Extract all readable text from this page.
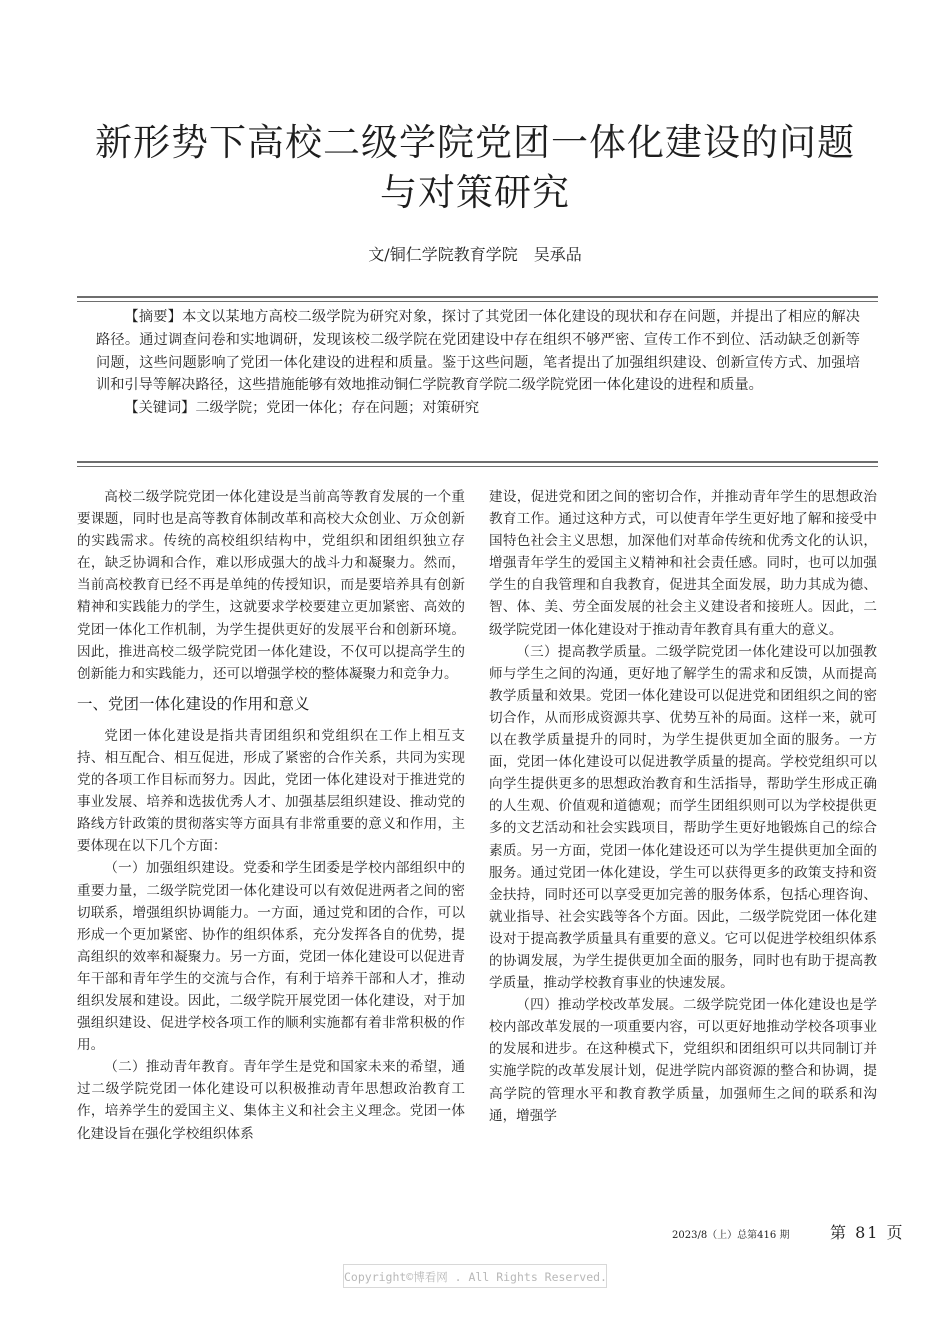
新形势下高校二级学院党团一体化建设的问题
与对策研究
文/铜仁学院教育学院　吴承品

【摘要】本文以某地方高校二级学院为研究对象，探讨了其党团一体化建设的现状和存在问题，并提出了相应的解决路径。通过调查问卷和实地调研，发现该校二级学院在党团建设中存在组织不够严密、宣传工作不到位、活动缺乏创新等问题，这些问题影响了党团一体化建设的进程和质量。鉴于这些问题，笔者提出了加强组织建设、创新宣传方式、加强培训和引导等解决路径，这些措施能够有效地推动铜仁学院教育学院二级学院党团一体化建设的进程和质量。

【关键词】二级学院；党团一体化；存在问题；对策研究

高校二级学院党团一体化建设是当前高等教育发展的一个重要课题，同时也是高等教育体制改革和高校大众创业、万众创新的实践需求。传统的高校组织结构中，党组织和团组织独立存在，缺乏协调和合作，难以形成强大的战斗力和凝聚力。然而，当前高校教育已经不再是单纯的传授知识，而是要培养具有创新精神和实践能力的学生，这就要求学校要建立更加紧密、高效的党团一体化工作机制，为学生提供更好的发展平台和创新环境。因此，推进高校二级学院党团一体化建设，不仅可以提高学生的创新能力和实践能力，还可以增强学校的整体凝聚力和竞争力。

一、党团一体化建设的作用和意义

党团一体化建设是指共青团组织和党组织在工作上相互支持、相互配合、相互促进，形成了紧密的合作关系，共同为实现党的各项工作目标而努力。因此，党团一体化建设对于推进党的事业发展、培养和选拔优秀人才、加强基层组织建设、推动党的路线方针政策的贯彻落实等方面具有非常重要的意义和作用，主要体现在以下几个方面：

（一）加强组织建设。党委和学生团委是学校内部组织中的重要力量，二级学院党团一体化建设可以有效促进两者之间的密切联系，增强组织协调能力。一方面，通过党和团的合作，可以形成一个更加紧密、协作的组织体系，充分发挥各自的优势，提高组织的效率和凝聚力。另一方面，党团一体化建设可以促进青年干部和青年学生的交流与合作，有利于培养干部和人才，推动组织发展和建设。因此，二级学院开展党团一体化建设，对于加强组织建设、促进学校各项工作的顺利实施都有着非常积极的作用。

（二）推动青年教育。青年学生是党和国家未来的希望，通过二级学院党团一体化建设可以积极推动青年思想政治教育工作，培养学生的爱国主义、集体主义和社会主义理念。党团一体化建设旨在强化学校组织体系

建设，促进党和团之间的密切合作，并推动青年学生的思想政治教育工作。通过这种方式，可以使青年学生更好地了解和接受中国特色社会主义思想，加深他们对革命传统和优秀文化的认识，增强青年学生的爱国主义精神和社会责任感。同时，也可以加强学生的自我管理和自我教育，促进其全面发展，助力其成为德、智、体、美、劳全面发展的社会主义建设者和接班人。因此，二级学院党团一体化建设对于推动青年教育具有重大的意义。

（三）提高教学质量。二级学院党团一体化建设可以加强教师与学生之间的沟通，更好地了解学生的需求和反馈，从而提高教学质量和效果。党团一体化建设可以促进党和团组织之间的密切合作，从而形成资源共享、优势互补的局面。这样一来，就可以在教学质量提升的同时，为学生提供更加全面的服务。一方面，党团一体化建设可以促进教学质量的提高。学校党组织可以向学生提供更多的思想政治教育和生活指导，帮助学生形成正确的人生观、价值观和道德观；而学生团组织则可以为学校提供更多的文艺活动和社会实践项目，帮助学生更好地锻炼自己的综合素质。另一方面，党团一体化建设还可以为学生提供更加全面的服务。通过党团一体化建设，学生可以获得更多的政策支持和资金扶持，同时还可以享受更加完善的服务体系，包括心理咨询、就业指导、社会实践等各个方面。因此，二级学院党团一体化建设对于提高教学质量具有重要的意义。它可以促进学校组织体系的协调发展，为学生提供更加全面的服务，同时也有助于提高教学质量，推动学校教育事业的快速发展。

（四）推动学校改革发展。二级学院党团一体化建设也是学校内部改革发展的一项重要内容，可以更好地推动学校各项事业的发展和进步。在这种模式下，党组织和团组织可以共同制订并实施学院的改革发展计划，促进学院内部资源的整合和协调，提高学院的管理水平和教育教学质量，加强师生之间的联系和沟通，增强学

2023/8（上）总第416 期	第 81 页
Copyright©博看网 . All Rights Reserved.
